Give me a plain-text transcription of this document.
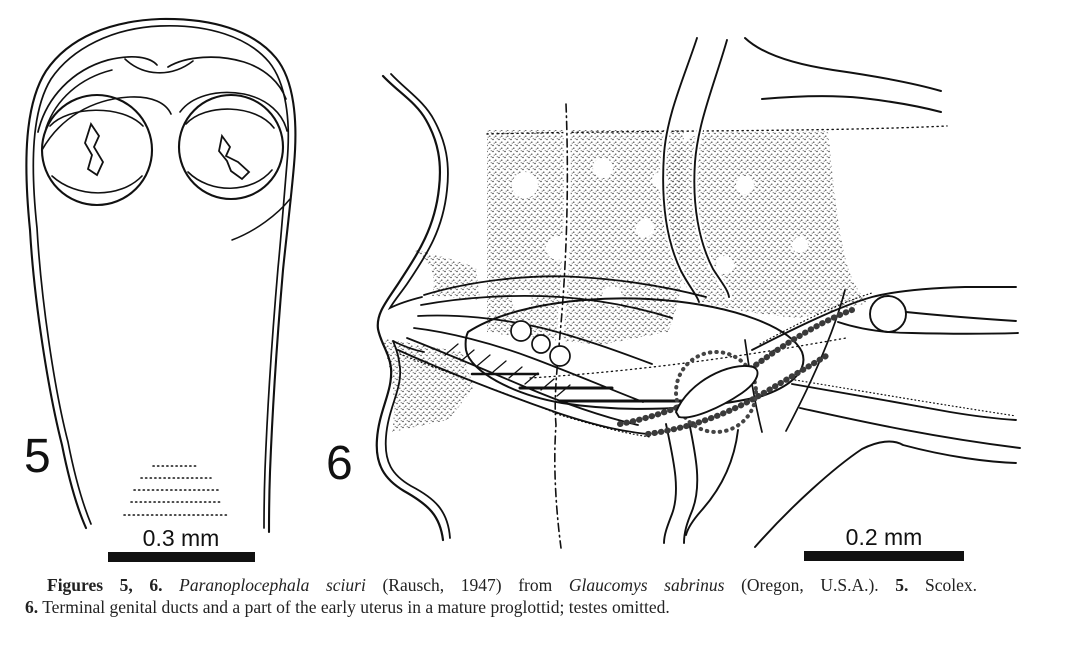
5
0.3 mm
6
0.2 mm
Figures 5, 6. Paranoplocephala sciuri (Rausch, 1947) from Glaucomys sabrinus (Oregon, U.S.A.). 5. Scolex.
6. Terminal genital ducts and a part of the early uterus in a mature proglottid; testes omitted.
